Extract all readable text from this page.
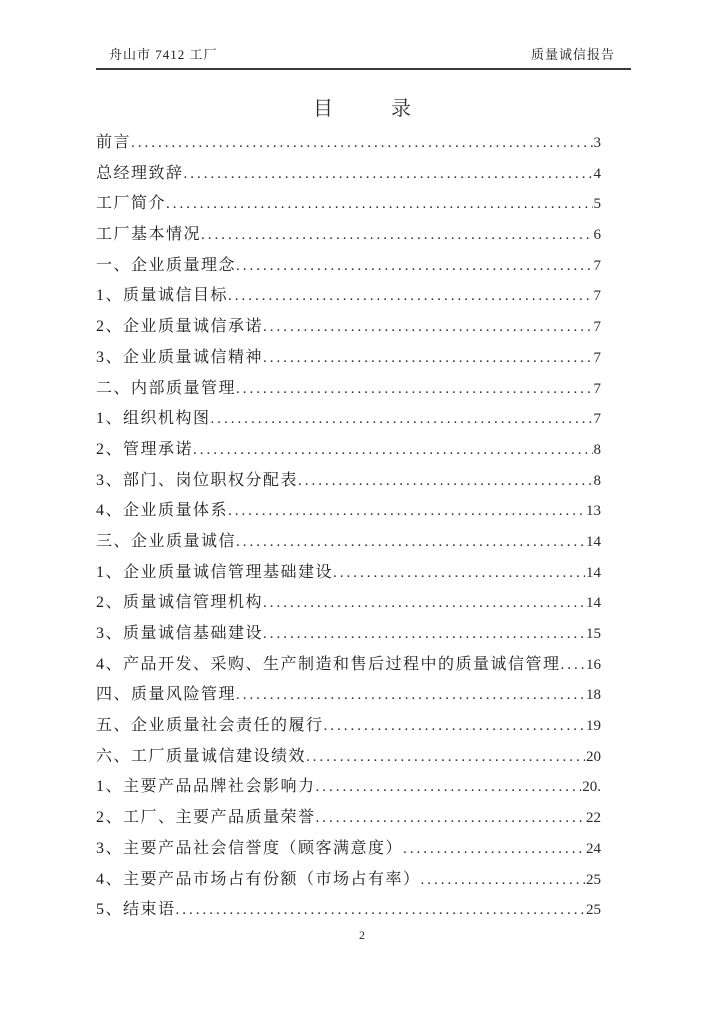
舟山市 7412 工厂	质量诚信报告
目	录
前言 .....	3
总经理致辞 .....	4
工厂简介 .....	5
工厂基本情况 .....	6
一、企业质量理念 .....	7
1、质量诚信目标 .....	7
2、企业质量诚信承诺 .....	7
3、企业质量诚信精神 .....	7
二、内部质量管理 .....	7
1、组织机构图 .....	7
2、管理承诺 .....	8
3、部门、岗位职权分配表 .....	8
4、企业质量体系 .....	13
三、企业质量诚信 .....	14
1、企业质量诚信管理基础建设 .....	14
2、质量诚信管理机构 .....	14
3、质量诚信基础建设 .....	15
4、产品开发、采购、生产制造和售后过程中的质量诚信管理 ..... 16
四、质量风险管理 .....	18
五、企业质量社会责任的履行 .....	19
六、工厂质量诚信建设绩效 .....	20
1、主要产品品牌社会影响力 .....	20.
2、工厂、主要产品质量荣誉 .....	22
3、主要产品社会信誉度（顾客满意度） .....	24
4、主要产品市场占有份额（市场占有率） .....	25
5、结束语 .....	25
2
